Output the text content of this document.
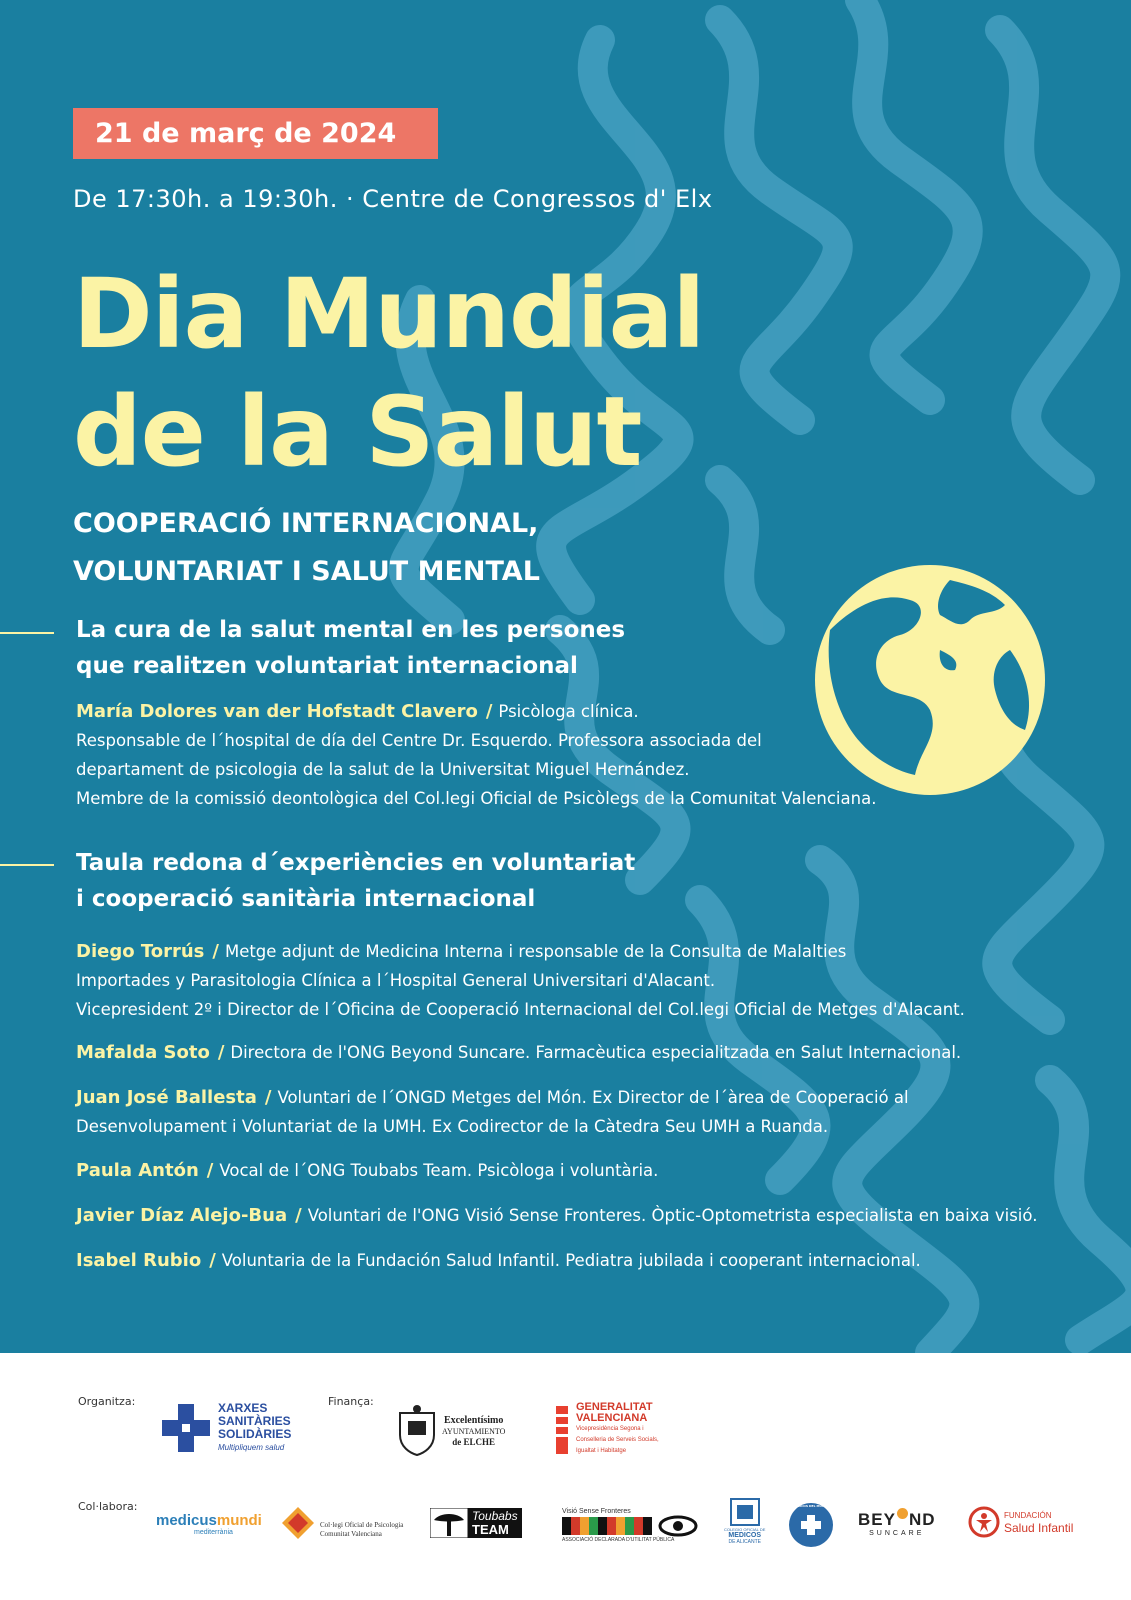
21 de març de 2024
De 17:30h. a 19:30h. · Centre de Congressos d' Elx
Dia Mundial
de la Salut
COOPERACIÓ INTERNACIONAL,
VOLUNTARIAT I SALUT MENTAL
La cura de la salut mental en les persones
que realitzen voluntariat internacional
María Dolores van der Hofstadt Clavero / Psicòloga clínica.
Responsable de l´hospital de día del Centre Dr. Esquerdo. Professora associada del
departament de psicologia de la salut de la Universitat Miguel Hernández.
Membre de la comissió deontològica del Col.legi Oficial de Psicòlegs de la Comunitat Valenciana.
Taula redona d´experiències en voluntariat
i cooperació sanitària internacional
Diego Torrús / Metge adjunt de Medicina Interna i responsable de la Consulta de Malalties
Importades y Parasitologia Clínica a l´Hospital General Universitari d'Alacant.
Vicepresident 2º i Director de l´Oficina de Cooperació Internacional del Col.legi Oficial de Metges d'Alacant.
Mafalda Soto / Directora de l'ONG Beyond Suncare. Farmacèutica especialitzada en Salut Internacional.
Juan José Ballesta / Voluntari de l´ONGD Metges del Món. Ex Director de l´àrea de Cooperació al
Desenvolupament i Voluntariat de la UMH. Ex Codirector de la Càtedra Seu UMH a Ruanda.
Paula Antón / Vocal de l´ONG Toubabs Team. Psicòloga i voluntària.
Javier Díaz Alejo-Bua / Voluntari de l'ONG Visió Sense Fronteres. Òptic-Optometrista especialista en baixa visió.
Isabel Rubio / Voluntaria de la Fundación Salud Infantil. Pediatra jubilada i cooperant internacional.
Organitza:	Finança:
Col·labora:
XARXES
SANITÀRIES
SOLIDÀRIES
Multipliquem salud
Excelentísimo
AYUNTAMIENTO
de ELCHE
GENERALITAT
VALENCIANA
Vicepresidència Segona i
Conselleria de Serveis Socials,
Igualtat i Habitatge
medicusmundi
mediterrània
Col·legi Oficial de Psicologia
Comunitat Valenciana
Toubabs
TEAM
Visió Sense Fronteres
ASSOCIACIÓ DECLARADA D'UTILITAT PÚBLICA
COLEGIO OFICIAL DE
MEDICOS
DE ALICANTE
MÉDICOS DEL MUNDO
BEY ND
SUNCARE
FUNDACIÓN
Salud Infantil
